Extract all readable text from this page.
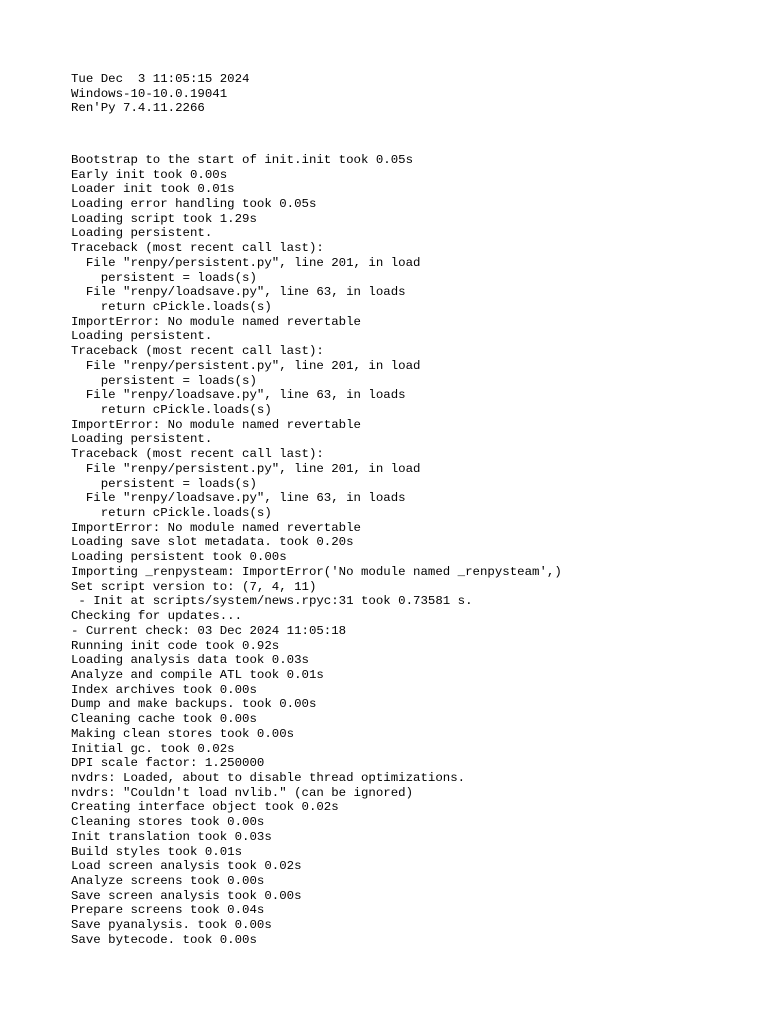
Tue Dec  3 11:05:15 2024
Windows-10-10.0.19041
Ren'Py 7.4.11.2266
Bootstrap to the start of init.init took 0.05s
Early init took 0.00s
Loader init took 0.01s
Loading error handling took 0.05s
Loading script took 1.29s
Loading persistent.
Traceback (most recent call last):
File "renpy/persistent.py", line 201, in load
persistent = loads(s)
File "renpy/loadsave.py", line 63, in loads
return cPickle.loads(s)
ImportError: No module named revertable
Loading persistent.
Traceback (most recent call last):
File "renpy/persistent.py", line 201, in load
persistent = loads(s)
File "renpy/loadsave.py", line 63, in loads
return cPickle.loads(s)
ImportError: No module named revertable
Loading persistent.
Traceback (most recent call last):
File "renpy/persistent.py", line 201, in load
persistent = loads(s)
File "renpy/loadsave.py", line 63, in loads
return cPickle.loads(s)
ImportError: No module named revertable
Loading save slot metadata. took 0.20s
Loading persistent took 0.00s
Importing _renpysteam: ImportError('No module named _renpysteam',)
Set script version to: (7, 4, 11)
- Init at scripts/system/news.rpyc:31 took 0.73581 s.
Checking for updates...
- Current check: 03 Dec 2024 11:05:18
Running init code took 0.92s
Loading analysis data took 0.03s
Analyze and compile ATL took 0.01s
Index archives took 0.00s
Dump and make backups. took 0.00s
Cleaning cache took 0.00s
Making clean stores took 0.00s
Initial gc. took 0.02s
DPI scale factor: 1.250000
nvdrs: Loaded, about to disable thread optimizations.
nvdrs: "Couldn't load nvlib." (can be ignored)
Creating interface object took 0.02s
Cleaning stores took 0.00s
Init translation took 0.03s
Build styles took 0.01s
Load screen analysis took 0.02s
Analyze screens took 0.00s
Save screen analysis took 0.00s
Prepare screens took 0.04s
Save pyanalysis. took 0.00s
Save bytecode. took 0.00s
